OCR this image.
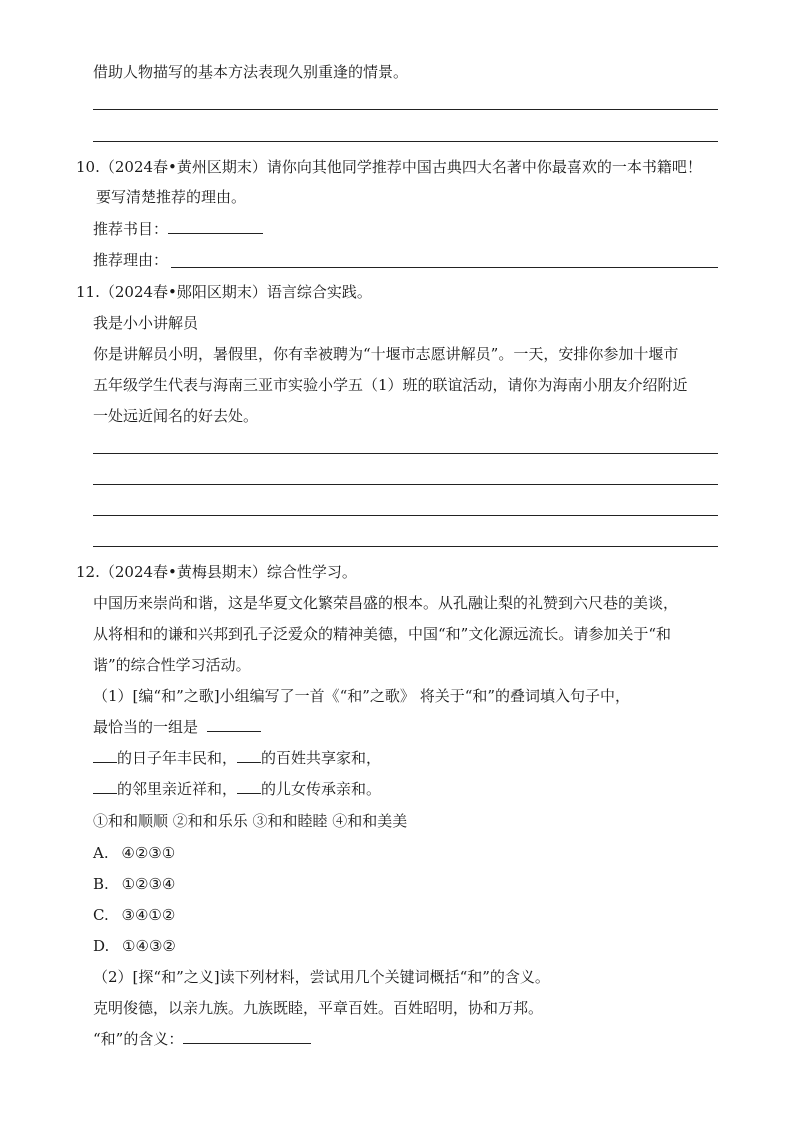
借助人物描写的基本方法表现久别重逢的情景。
10.（2024春•黄州区期末）请你向其他同学推荐中国古典四大名著中你最喜欢的一本书籍吧！
要写清楚推荐的理由。
推荐书目：
推荐理由：
11.（2024春•郧阳区期末）语言综合实践。
我是小小讲解员
你是讲解员小明，暑假里，你有幸被聘为“十堰市志愿讲解员”。一天，安排你参加十堰市
五年级学生代表与海南三亚市实验小学五（1）班的联谊活动，请你为海南小朋友介绍附近
一处远近闻名的好去处。
12.（2024春•黄梅县期末）综合性学习。
中国历来崇尚和谐，这是华夏文化繁荣昌盛的根本。从孔融让梨的礼赞到六尺巷的美谈，
从将相和的谦和兴邦到孔子泛爱众的精神美德，中国“和”文化源远流长。请参加关于“和
谐”的综合性学习活动。
（1）[编“和”之歌]小组编写了一首《“和”之歌》 将关于“和”的叠词填入句子中，
最恰当的一组是
的日子年丰民和， 的百姓共享家和，
的邻里亲近祥和， 的儿女传承亲和。
①和和顺顺 ②和和乐乐 ③和和睦睦 ④和和美美
A. ④②③①
B. ①②③④
C. ③④①②
D. ①④③②
（2）[探“和”之义]读下列材料，尝试用几个关键词概括“和”的含义。
克明俊德，以亲九族。九族既睦，平章百姓。百姓昭明，协和万邦。
“和”的含义：
